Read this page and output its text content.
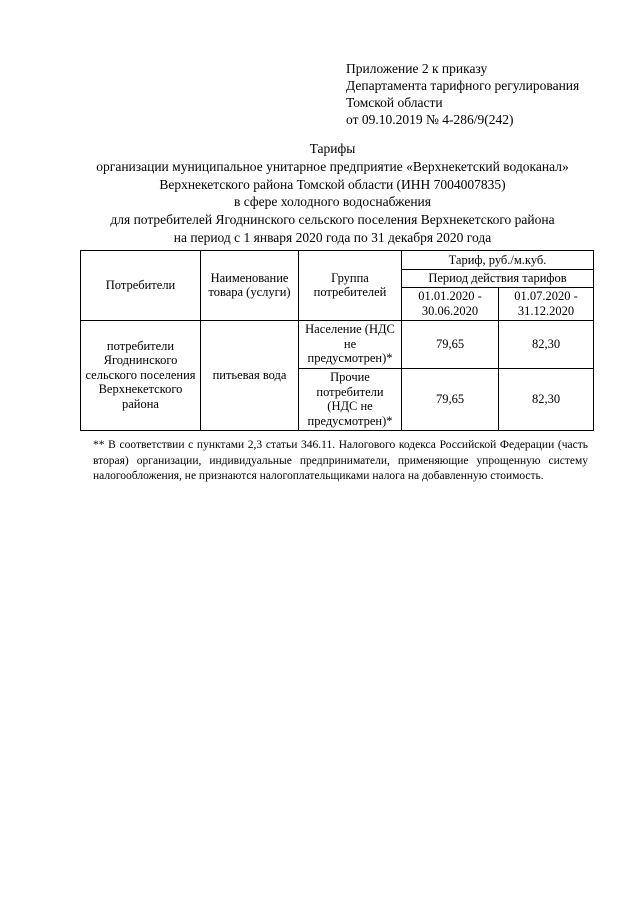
Приложение 2 к приказу
Департамента тарифного регулирования
Томской области
от 09.10.2019 № 4-286/9(242)
Тарифы
организации муниципальное унитарное предприятие «Верхнекетский водоканал»
Верхнекетского района Томской области (ИНН 7004007835)
в сфере холодного водоснабжения
для потребителей Ягоднинского сельского поселения Верхнекетского района
на период с 1 января 2020 года по 31 декабря 2020 года
Потребители	Наименование товара (услуги)	Группа потребителей	Тариф, руб./м.куб.	
			Период действия тарифов	
			01.01.2020 - 30.06.2020	01.07.2020 - 31.12.2020
потребители Ягоднинского сельского поселения Верхнекетского района	питьевая вода	Население (НДС не предусмотрен)*	79,65	82,30
		Прочие потребители (НДС не предусмотрен)*	79,65	82,30
** В соответствии с пунктами 2,3 статьи 346.11. Налогового кодекса Российской Федерации (часть вторая) организации, индивидуальные предприниматели, применяющие упрощенную систему налогообложения, не признаются налогоплательщиками налога на добавленную стоимость.
